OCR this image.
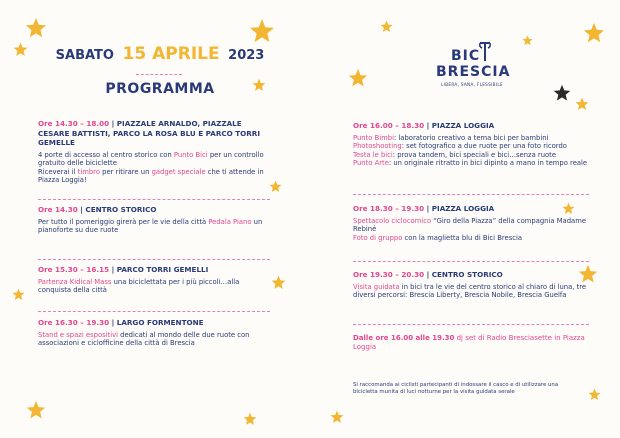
SABATO 15 APRILE 2023
PROGRAMMA
Ore 14.30 – 18.00 | PIAZZALE ARNALDO, PIAZZALE CESARE BATTISTI, PARCO LA ROSA BLU E PARCO TORRI GEMELLE
4 porte di accesso al centro storico con Punto Bici per un controllo gratuito delle biciclette
Riceverai il timbro per ritirare un gadget speciale che ti attende in Piazza Loggia!
Ore 14.30 | CENTRO STORICO
Per tutto il pomeriggio girerà per le vie della città Pedala Piano un pianoforte su due ruote
Ore 15.30 – 16.15 | PARCO TORRI GEMELLI
Partenza Kidical Mass una biciclettata per i più piccoli…alla conquista della città
Ore 16.30 – 19.30 | LARGO FORMENTONE
Stand e spazi espositivi dedicati al mondo delle due ruote con associazioni e ciclofficine della città di Brescia
BIC
BRESCIA
LIBERA, SANA, FLESSIBILE
Ore 16.00 – 18.30 | PIAZZA LOGGIA
Punto Bimbi: laboratorio creativo a tema bici per bambini
Photoshooting: set fotografico a due ruote per una foto ricordo
Testa le bici: prova tandem, bici speciali e bici…senza ruote
Punto Arte: un originale ritratto in bici dipinto a mano in tempo reale
Ore 18.30 – 19.30 | PIAZZA LOGGIA
Spettacolo ciclocomico “Giro della Piazza” della compagnia Madame Rebiné
Foto di gruppo con la maglietta blu di Bici Brescia
Ore 19.30 – 20.30 | CENTRO STORICO
Visita guidata in bici tra le vie del centro storico al chiaro di luna, tre diversi percorsi: Brescia Liberty, Brescia Nobile, Brescia Guelfa
Dalle ore 16.00 alle 19.30 dj set di Radio Bresciasette in Piazza Loggia
Si raccomanda ai ciclisti partecipanti di indossare il casco e di utilizzare una bicicletta munita di luci notturne per la visita guidata serale
